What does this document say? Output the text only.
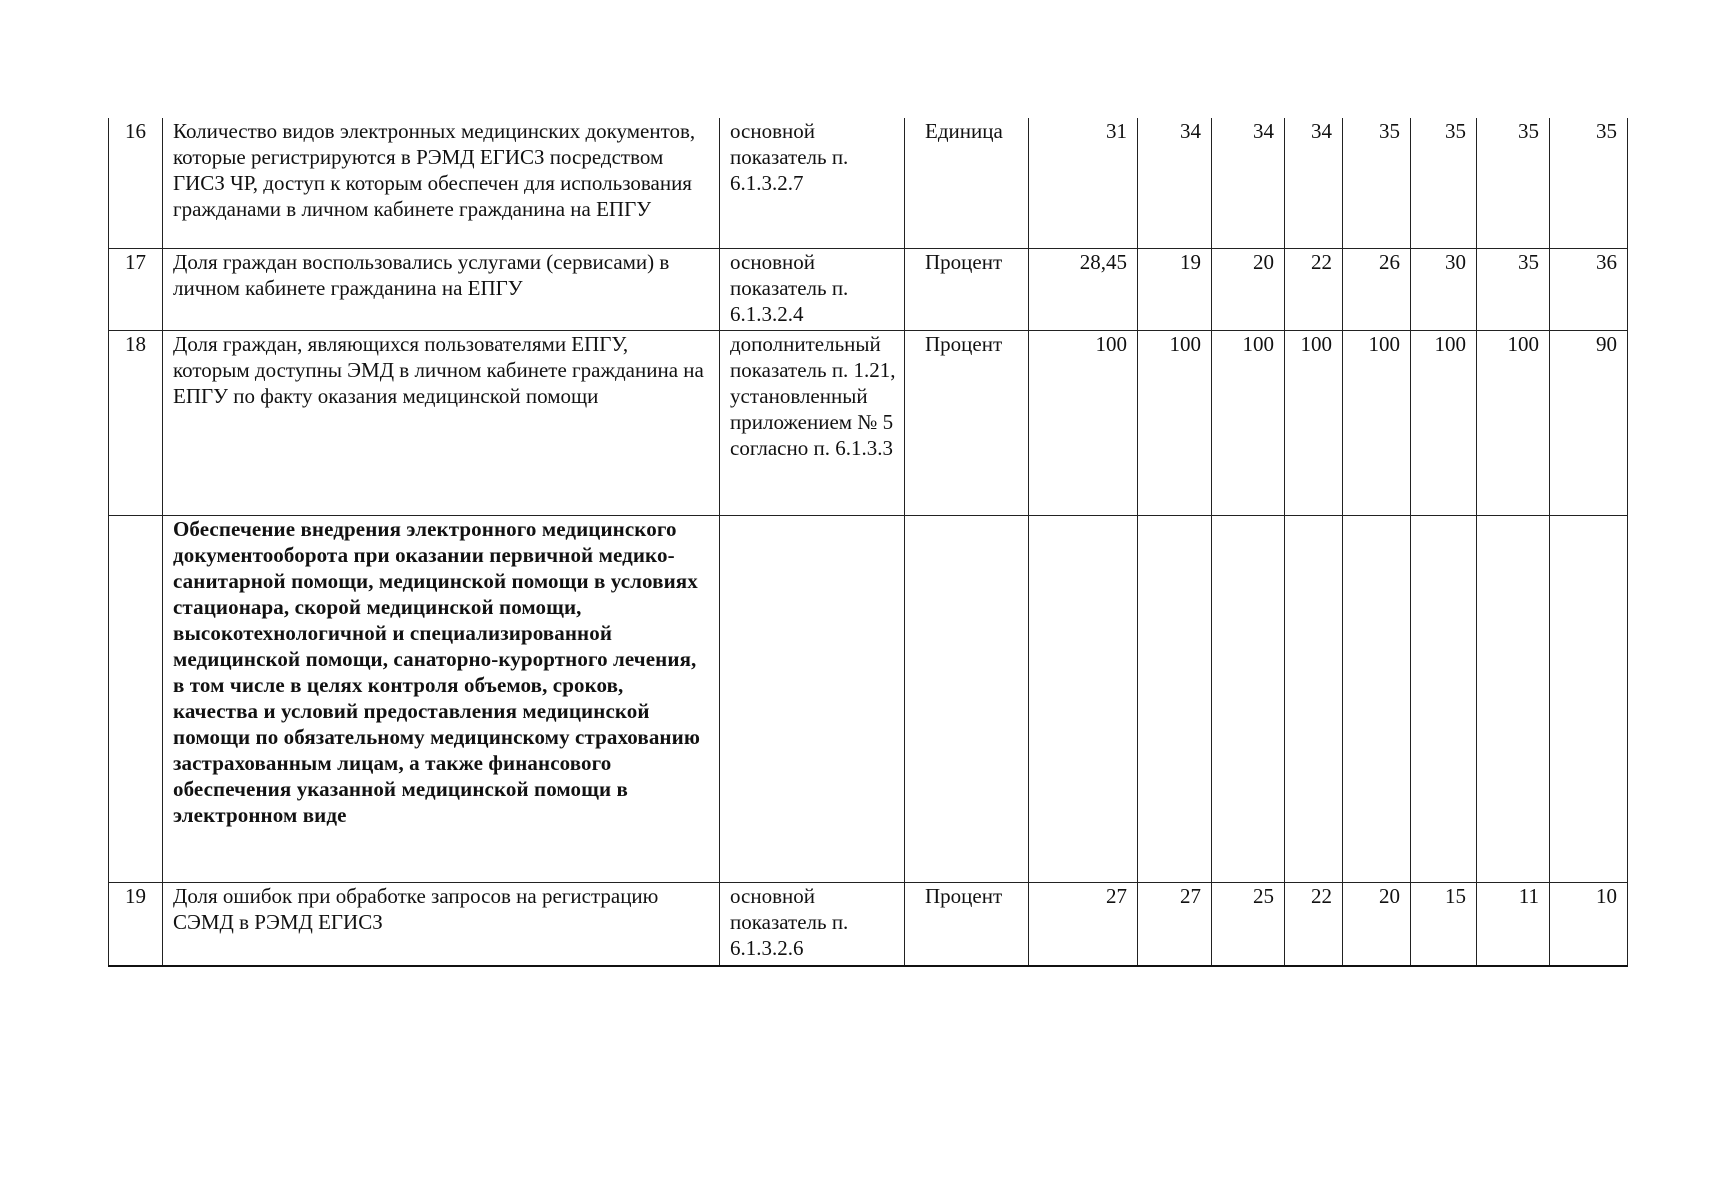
16	Количество видов электронных медицинских документов, которые регистрируются в РЭМД ЕГИСЗ посредством ГИСЗ ЧР, доступ к которым обеспечен для использования гражданами в личном кабинете гражданина на ЕПГУ	основной показатель п. 6.1.3.2.7	Единица	31	34	34	34	35	35	35	35
17	Доля граждан воспользовались услугами (сервисами) в личном кабинете гражданина на ЕПГУ	основной показатель п. 6.1.3.2.4	Процент	28,45	19	20	22	26	30	35	36
18	Доля граждан, являющихся пользователями ЕПГУ, которым доступны ЭМД в личном кабинете гражданина на ЕПГУ по факту оказания медицинской помощи	дополнительный показатель п. 1.21, установленный приложением № 5 согласно п. 6.1.3.3	Процент	100	100	100	100	100	100	100	90
	Обеспечение внедрения электронного медицинского документооборота при оказании первичной медико-санитарной помощи, медицинской помощи в условиях стационара, скорой медицинской помощи, высокотехнологичной и специализированной медицинской помощи, санаторно-курортного лечения, в том числе в целях контроля объемов, сроков, качества и условий предоставления медицинской помощи по обязательному медицинскому страхованию застрахованным лицам, а также финансового обеспечения указанной медицинской помощи в электронном виде										
19	Доля ошибок при обработке запросов на регистрацию СЭМД в РЭМД ЕГИСЗ	основной показатель п. 6.1.3.2.6	Процент	27	27	25	22	20	15	11	10
